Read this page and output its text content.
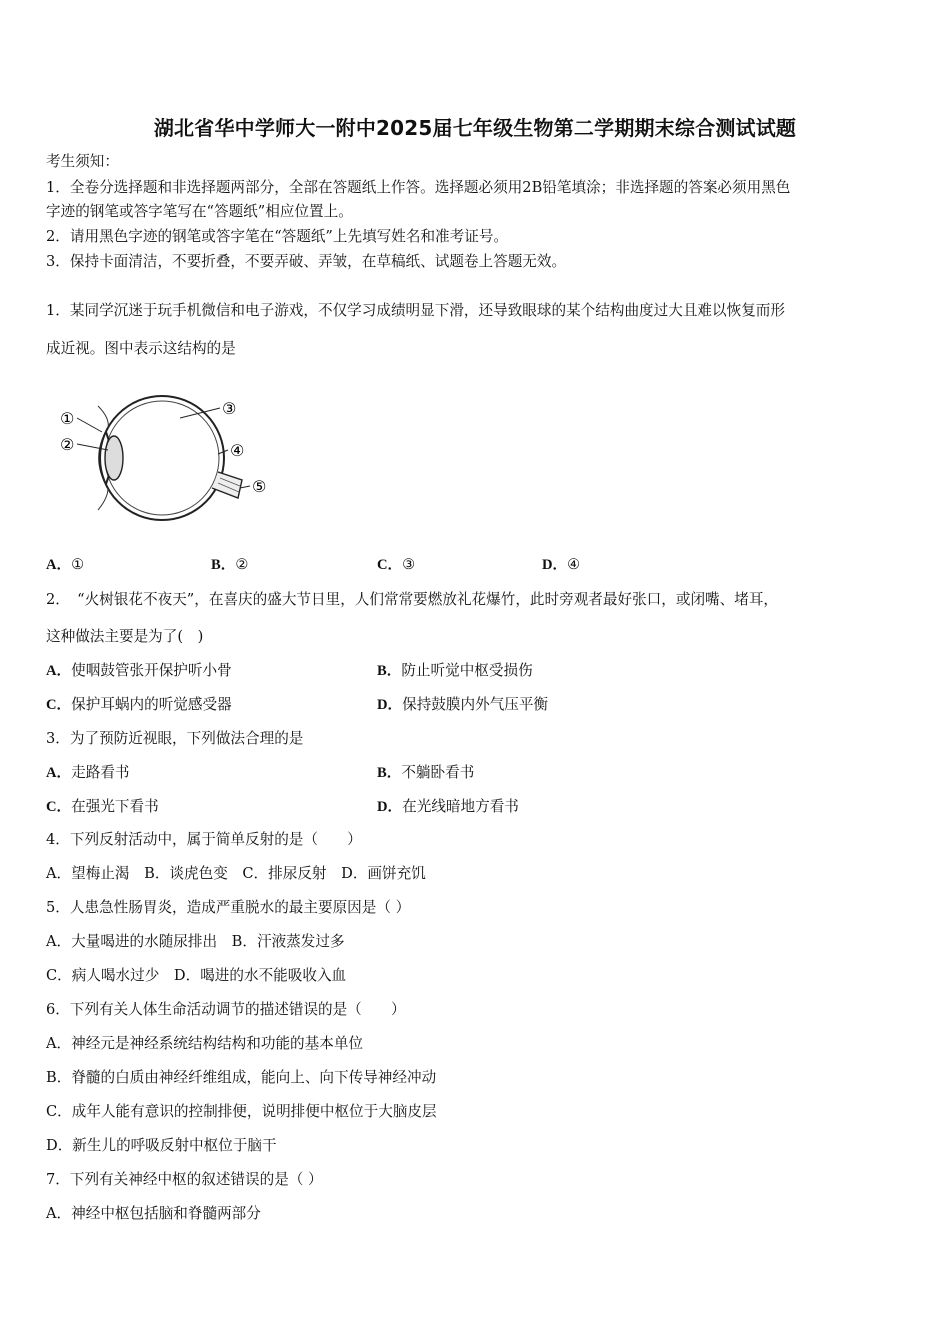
湖北省华中学师大一附中2025届七年级生物第二学期期末综合测试试题
考生须知：
1．全卷分选择题和非选择题两部分，全部在答题纸上作答。选择题必须用2B铅笔填涂；非选择题的答案必须用黑色
字迹的钢笔或答字笔写在“答题纸”相应位置上。
2．请用黑色字迹的钢笔或答字笔在“答题纸”上先填写姓名和准考证号。
3．保持卡面清洁，不要折叠，不要弄破、弄皱，在草稿纸、试题卷上答题无效。
1．某同学沉迷于玩手机微信和电子游戏，不仅学习成绩明显下滑，还导致眼球的某个结构曲度过大且难以恢复而形
成近视。图中表示这结构的是
①
②
③
④
⑤
A．①	B．②	C．③	D．④
2．　“火树银花不夜天”，在喜庆的盛大节日里，人们常常要燃放礼花爆竹，此时旁观者最好张口，或闭嘴、堵耳，
这种做法主要是为了(　)
A．使咽鼓管张开保护听小骨	B．防止听觉中枢受损伤
C．保护耳蜗内的听觉感受器	D．保持鼓膜内外气压平衡
3．为了预防近视眼，下列做法合理的是
A．走路看书	B．不躺卧看书
C．在强光下看书	D．在光线暗地方看书
4．下列反射活动中，属于简单反射的是（　　）
A．望梅止渴　B．谈虎色变　C．排尿反射　D．画饼充饥
5．人患急性肠胃炎，造成严重脱水的最主要原因是（ ）
A．大量喝进的水随尿排出　B．汗液蒸发过多
C．病人喝水过少　D．喝进的水不能吸收入血
6．下列有关人体生命活动调节的描述错误的是（　　）
A．神经元是神经系统结构结构和功能的基本单位
B．脊髓的白质由神经纤维组成，能向上、向下传导神经冲动
C．成年人能有意识的控制排便，说明排便中枢位于大脑皮层
D．新生儿的呼吸反射中枢位于脑干
7．下列有关神经中枢的叙述错误的是（ ）
A．神经中枢包括脑和脊髓两部分
